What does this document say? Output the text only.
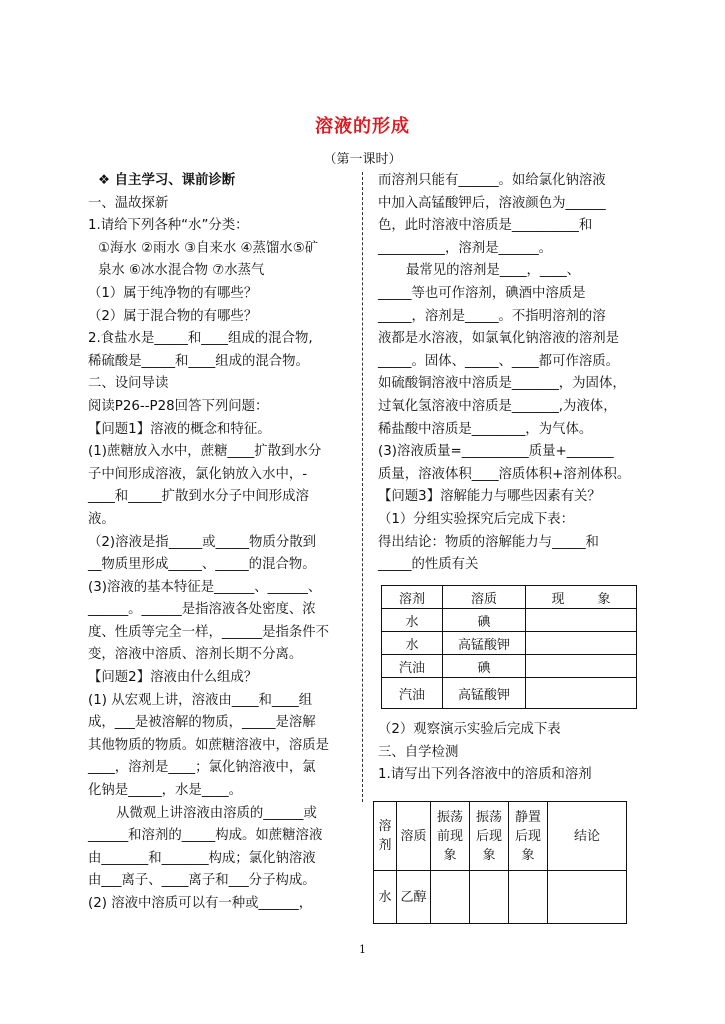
溶液的形成
（第一课时）
❖ 自主学习、课前诊断
一、温故探新
1.请给下列各种“水”分类：
①海水 ②雨水 ③自来水 ④蒸馏水⑤矿
泉水 ⑥冰水混合物 ⑦水蒸气
（1）属于纯净物的有哪些？
（2）属于混合物的有哪些？
2.食盐水是_____和____组成的混合物,
稀硫酸是_____和____组成的混合物。
二、设问导读
阅读P26--P28回答下列问题：
【问题1】溶液的概念和特征。
(1)蔗糖放入水中，蔗糖____扩散到水分
子中间形成溶液，氯化钠放入水中，-
____和_____扩散到水分子中间形成溶
液。
（2)溶液是指_____或_____物质分散到
__物质里形成_____、_____的混合物。
(3)溶液的基本特征是______、______、
______。______是指溶液各处密度、浓
度、性质等完全一样，______是指条件不
变，溶液中溶质、溶剂长期不分离。
【问题2】溶液由什么组成？
(1) 从宏观上讲，溶液由____和____组
成，___是被溶解的物质，_____是溶解
其他物质的物质。如蔗糖溶液中，溶质是
____，溶剂是____；氯化钠溶液中，氯
化钠是_____，水是____。
从微观上讲溶液由溶质的______或
______和溶剂的_____构成。如蔗糖溶液
由_______和_______构成；氯化钠溶液
由___离子、____离子和___分子构成。
(2) 溶液中溶质可以有一种或______，
而溶剂只能有______。如给氯化钠溶液
中加入高锰酸钾后，溶液颜色为______
色，此时溶液中溶质是__________和
__________，溶剂是______。
最常见的溶剂是____，____、
_____等也可作溶剂，碘酒中溶质是
_____，溶剂是_____。不指明溶剂的溶
液都是水溶液，如氯氧化钠溶液的溶剂是
_____。固体、_____、____都可作溶质。
如硫酸铜溶液中溶质是_______，为固体，
过氧化氢溶液中溶质是_______,为液体，
稀盐酸中溶质是________，为气体。
(3)溶液质量=__________质量+_______
质量，溶液体积____溶质体积+溶剂体积。
【问题3】溶解能力与哪些因素有关？
（1）分组实验探究后完成下表：
得出结论：物质的溶解能力与_____和
_____的性质有关
溶剂	溶质	现        象
水	碘	
水	高锰酸钾	
汽油	碘	
汽油	高锰酸钾	
（2）观察演示实验后完成下表
三、自学检测
1.请写出下列各溶液中的溶质和溶剂
溶剂	溶质	振荡前现象	振荡后现象	静置后现象	结论
水	乙醇				
1
